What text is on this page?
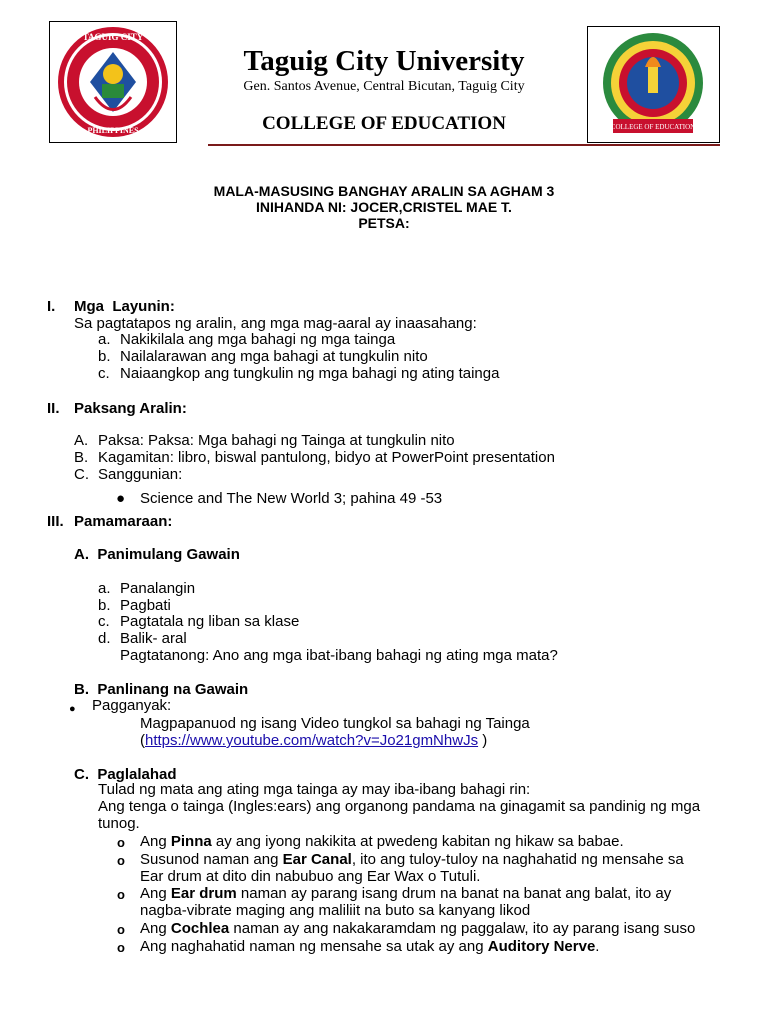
TAGUIG CITY
PHILIPPINES
Taguig City University
Gen. Santos Avenue, Central Bicutan, Taguig City
COLLEGE OF EDUCATION	COLLEGE OF EDUCATION
MALA-MASUSING BANGHAY ARALIN SA AGHAM 3
INIHANDA NI: JOCER,CRISTEL MAE T.
PETSA:
I. Mga  Layunin:
Sa pagtatapos ng aralin, ang mga mag-aaral ay inaasahang:
a. Nakikilala ang mga bahagi ng mga tainga
b. Nailalarawan ang mga bahagi at tungkulin nito
c. Naiaangkop ang tungkulin ng mga bahagi ng ating tainga
II. Paksang Aralin:
A. Paksa: Paksa: Mga bahagi ng Tainga at tungkulin nito
B. Kagamitan: libro, biswal pantulong, bidyo at PowerPoint presentation
C. Sanggunian:
● Science and The New World 3; pahina 49 -53
III. Pamamaraan:
A.  Panimulang Gawain
a. Panalangin
b. Pagbati
c. Pagtatala ng liban sa klase
d. Balik- aral
Pagtatanong: Ano ang mga ibat-ibang bahagi ng ating mga mata?
B.  Panlinang na Gawain
● Pagganyak:
Magpapanuod ng isang Video tungkol sa bahagi ng Tainga
(https://www.youtube.com/watch?v=Jo21gmNhwJs )
C.  Paglalahad
Tulad ng mata ang ating mga tainga ay may iba-ibang bahagi rin:
Ang tenga o tainga (Ingles:ears) ang organong pandama na ginagamit sa pandinig ng mga
tunog.
o Ang Pinna ay ang iyong nakikita at pwedeng kabitan ng hikaw sa babae.
o Susunod naman ang Ear Canal, ito ang tuloy-tuloy na naghahatid ng mensahe sa
Ear drum at dito din nabubuo ang Ear Wax o Tutuli.
o Ang Ear drum naman ay parang isang drum na banat na banat ang balat, ito ay
nagba-vibrate maging ang maliliit na buto sa kanyang likod
o Ang Cochlea naman ay ang nakakaramdam ng paggalaw, ito ay parang isang suso
o Ang naghahatid naman ng mensahe sa utak ay ang Auditory Nerve.
